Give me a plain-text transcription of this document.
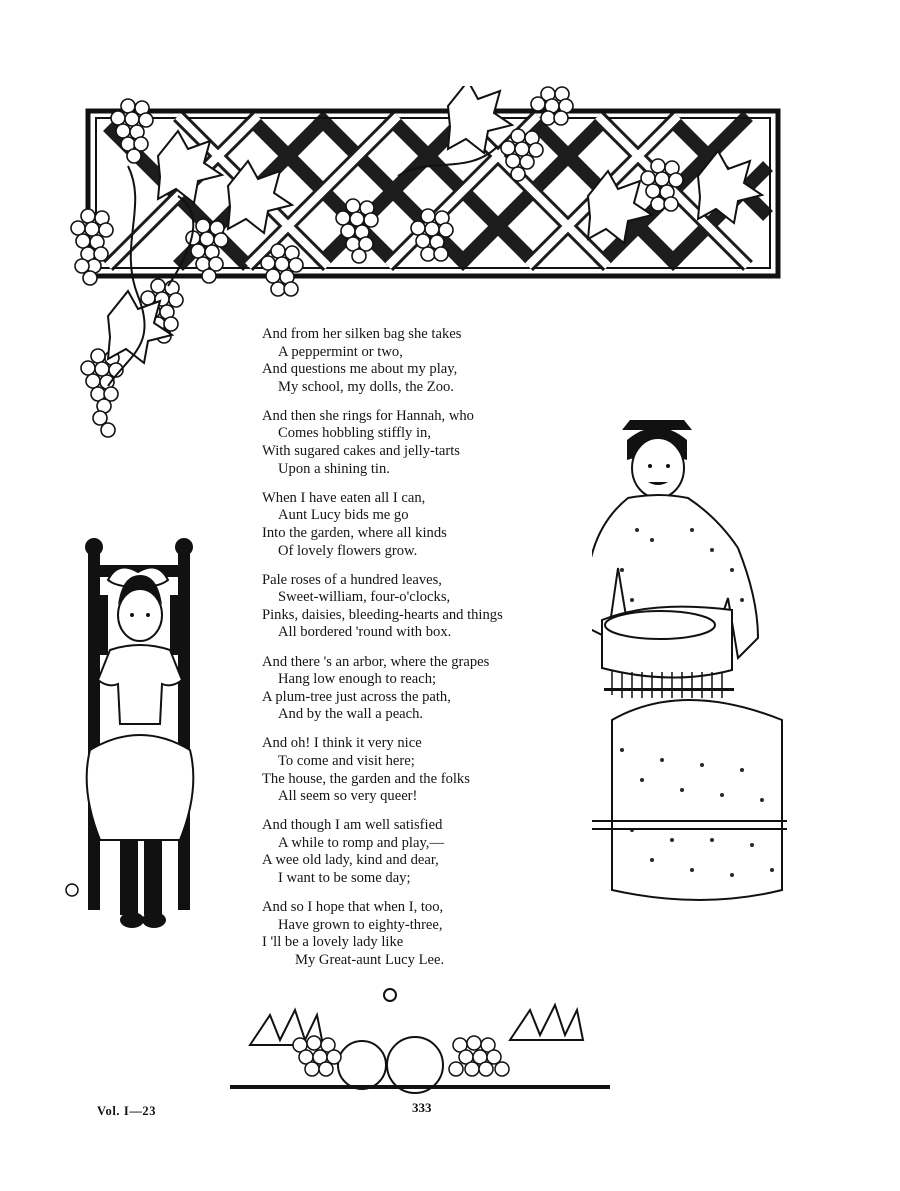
And from her silken bag she takes
A peppermint or two,
And questions me about my play,
My school, my dolls, the Zoo.
And then she rings for Hannah, who
Comes hobbling stiffly in,
With sugared cakes and jelly-tarts
Upon a shining tin.
When I have eaten all I can,
Aunt Lucy bids me go
Into the garden, where all kinds
Of lovely flowers grow.
Pale roses of a hundred leaves,
Sweet-william, four-o'clocks,
Pinks, daisies, bleeding-hearts and things
All bordered 'round with box.
And there 's an arbor, where the grapes
Hang low enough to reach;
A plum-tree just across the path,
And by the wall a peach.
And oh! I think it very nice
To come and visit here;
The house, the garden and the folks
All seem so very queer!
And though I am well satisfied
A while to romp and play,—
A wee old lady, kind and dear,
I want to be some day;
And so I hope that when I, too,
Have grown to eighty-three,
I 'll be a lovely lady like
My Great-aunt Lucy Lee.
Vol. I—23	333
